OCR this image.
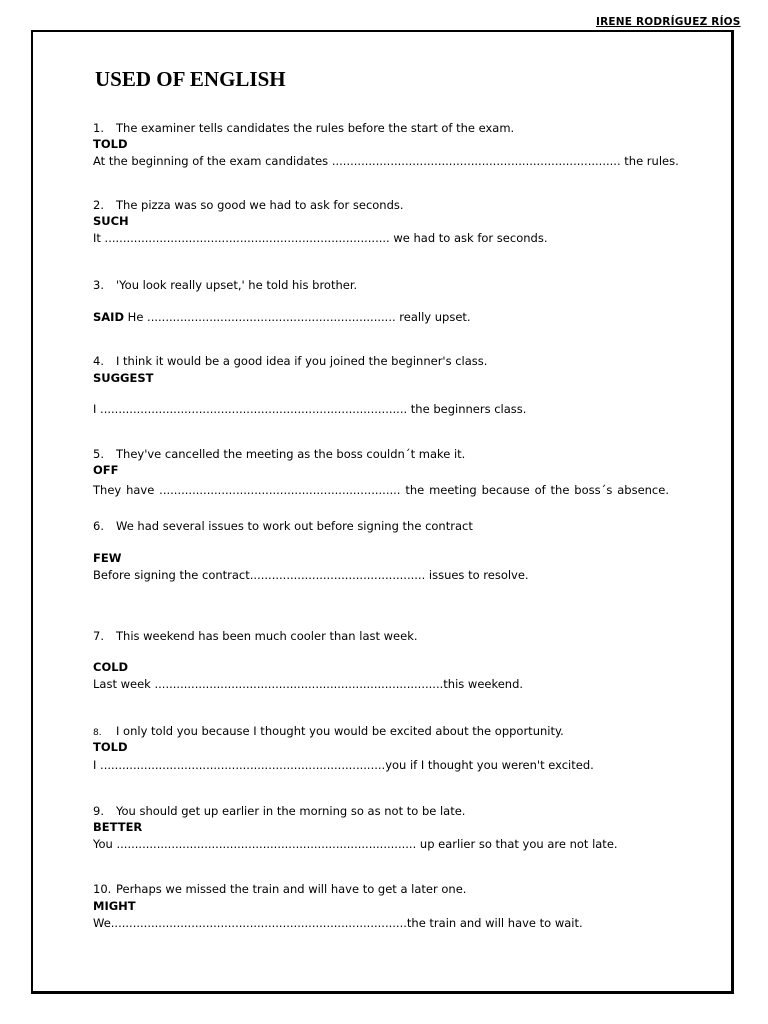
IRENE RODRÍGUEZ RÍOS
USED OF ENGLISH

1. The examiner tells candidates the rules before the start of the exam.

TOLD

At the beginning of the exam candidates ............................................................................... the rules.

2. The pizza was so good we had to ask for seconds.

SUCH

It .............................................................................. we had to ask for seconds.

3. 'You look really upset,' he told his brother.

SAID He .................................................................... really upset.

4. I think it would be a good idea if you joined the beginner's class.

SUGGEST

I .................................................................................... the beginners class.

5. They've cancelled the meeting as the boss couldn´t make it.

OFF

They have .................................................................. the meeting because of the boss´s absence.

6. We had several issues to work out before signing the contract

FEW

Before signing the contract................................................ issues to resolve.

7. This weekend has been much cooler than last week.

COLD

Last week ...............................................................................this weekend.

8. I only told you because I thought you would be excited about the opportunity.

TOLD

I ..............................................................................you if I thought you weren't excited.

9. You should get up earlier in the morning so as not to be late.

BETTER

You .................................................................................. up earlier so that you are not late.

10. Perhaps we missed the train and will have to get a later one.

MIGHT

We.................................................................................the train and will have to wait.
